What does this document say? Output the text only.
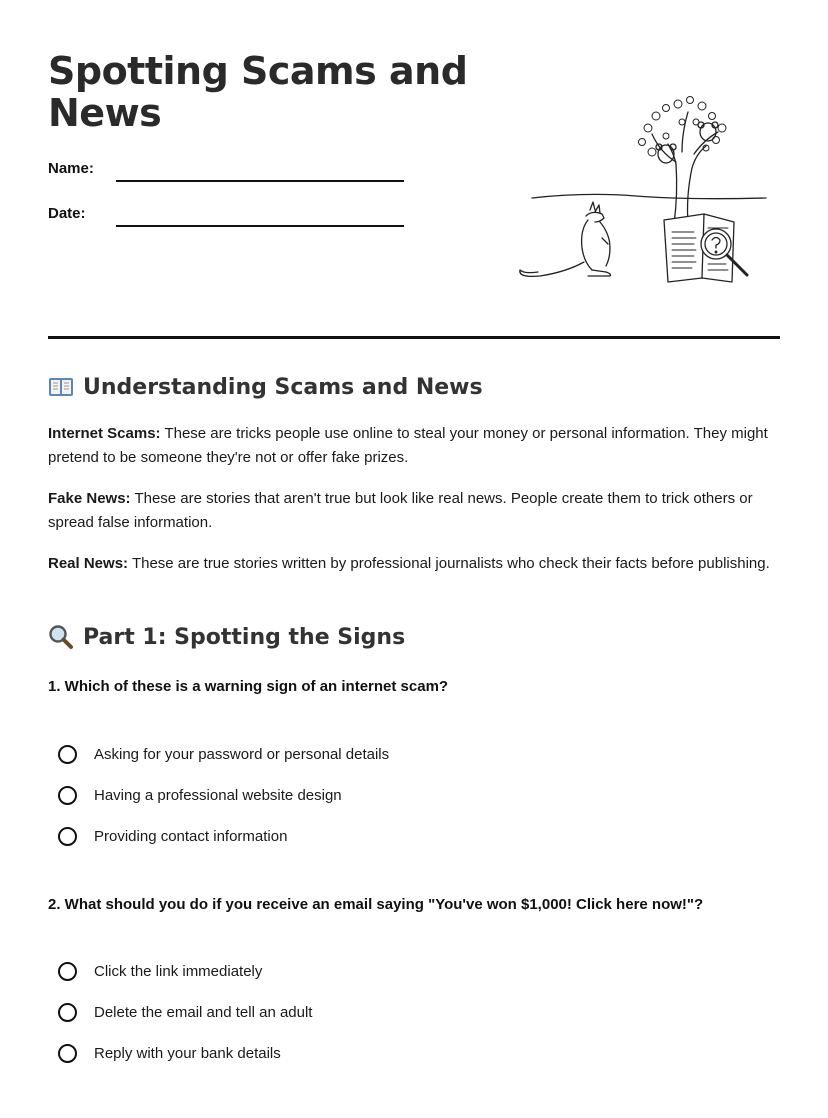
Spotting Scams and News
Name:
Date:
Understanding Scams and News

Internet Scams: These are tricks people use online to steal your money or personal information. They might pretend to be someone they're not or offer fake prizes.

Fake News: These are stories that aren't true but look like real news. People create them to trick others or spread false information.

Real News: These are true stories written by professional journalists who check their facts before publishing.

Part 1: Spotting the Signs

1. Which of these is a warning sign of an internet scam?

Asking for your password or personal details
Having a professional website design
Providing contact information

2. What should you do if you receive an email saying "You've won $1,000! Click here now!"?

Click the link immediately
Delete the email and tell an adult
Reply with your bank details
